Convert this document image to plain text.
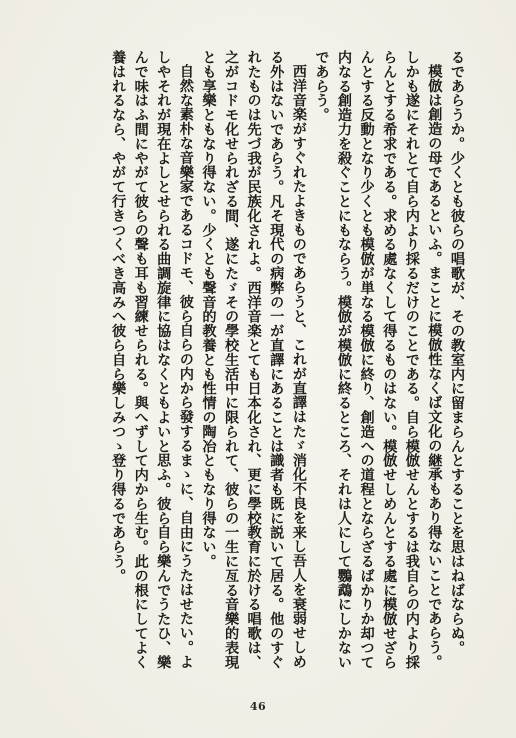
るであらうか。少くとも彼らの唱歌が、その教室内に留まらんとすることを思はねばならぬ。

模倣は創造の母であるといふ。まことに模倣性なくば文化の継承もあり得ないことであらう。しかも遂にそれとて自ら内より採るだけのことである。自ら模倣せんとするは我自らの内より採らんとする希求である。求める處なくして得るものはない。模倣せしめんとする處に模倣せざらんとする反動となり少くとも模倣が単なる模倣に終り、創造への道程とならざるばかりか却つて内なる創造力を殺ぐことにもならう。模倣が模倣に終るところ、それは人にして鸚鵡にしかないであらう。

西洋音楽がすぐれたよきものであらうと、これが直譯はたゞ消化不良を来し吾人を衰弱せしめる外はないであらう。凡そ現代の病弊の一が直譯にあることは識者も既に説いて居る。他のすぐれたものは先づ我が民族化されよ。西洋音楽とても日本化され、更に學校教育に於ける唱歌は、之がコドモ化せられざる間、遂にたゞその學校生活中に限られて、彼らの一生に亙る音樂的表現とも享樂ともなり得ない。少くとも聲音的教養とも性情の陶冶ともなり得ない。

自然な素朴な音樂家であるコドモ、彼ら自らの内から發するまゝに、自由にうたはせたい。よしやそれが現在よしとせられる曲調旋律に協はなくともよいと思ふ。彼ら自ら樂んでうたひ、樂んで味はふ間にやがて彼らの聲も耳も習練せられる。與へずして内から生む。此の根にしてよく養はれるなら、やがて行きつくべき高みへ彼ら自ら樂しみつゝ登り得るであらう。

46
